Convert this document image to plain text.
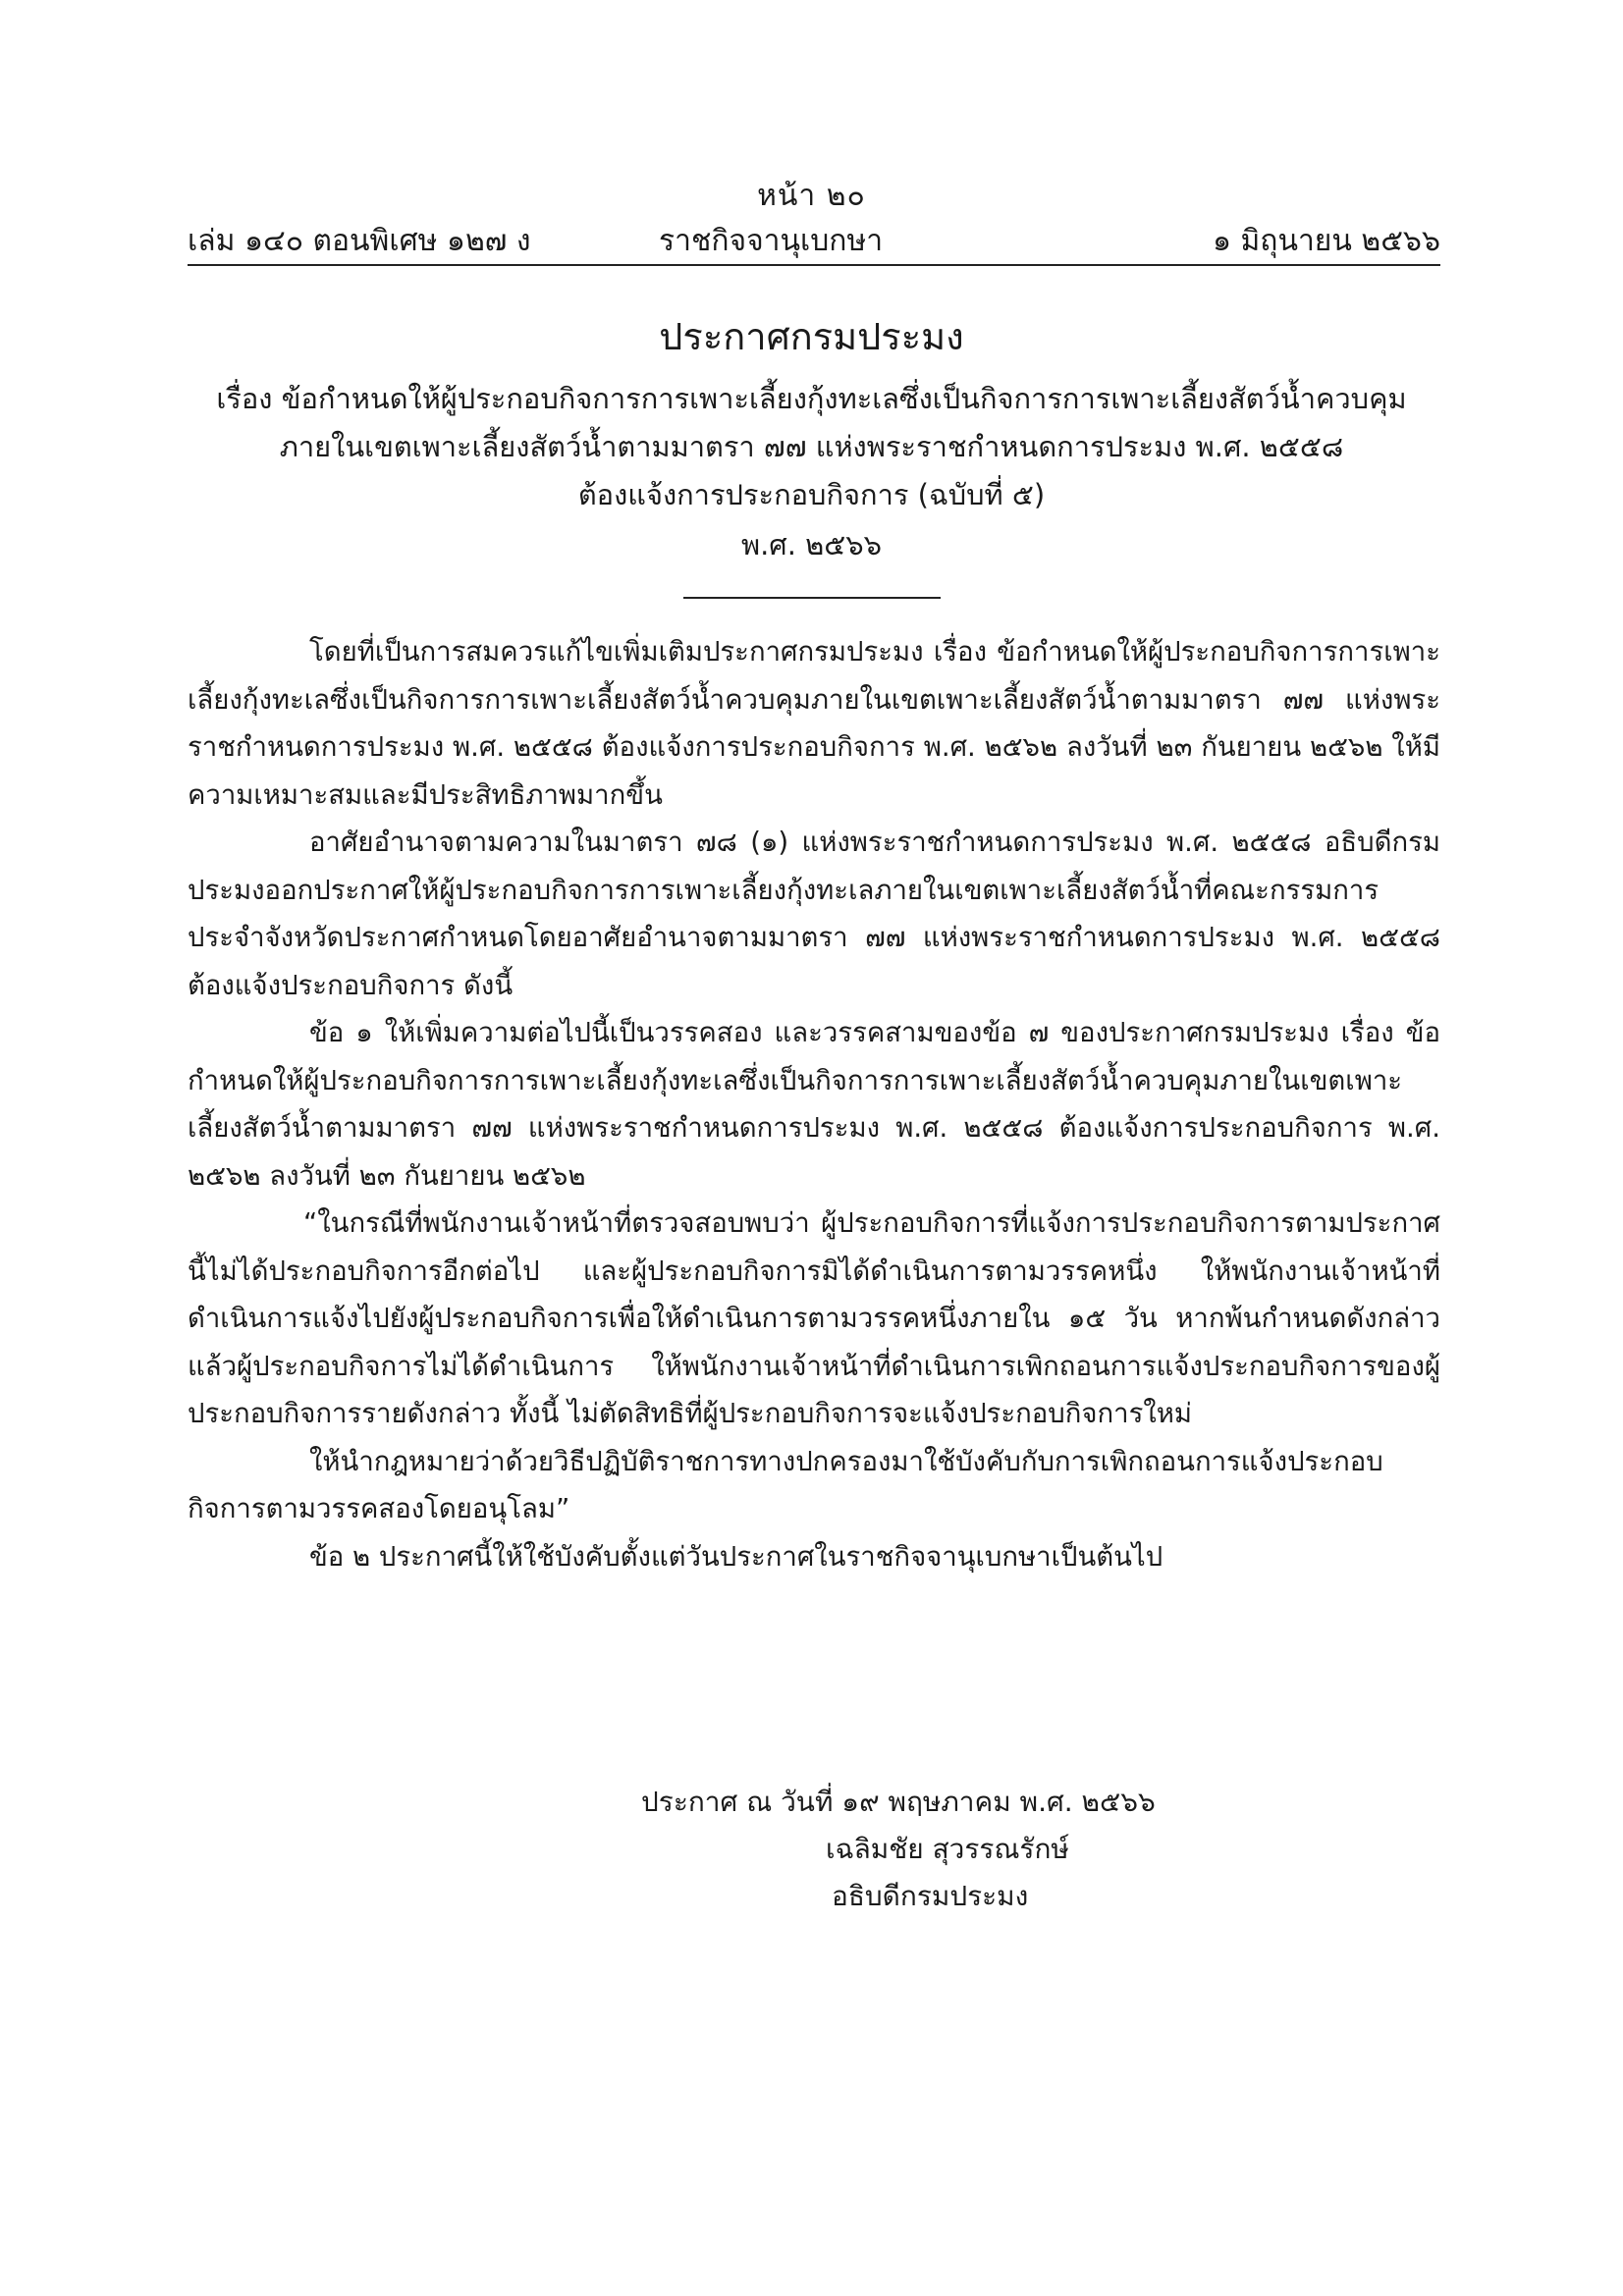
หน้า ๒๐
เล่ม ๑๔๐ ตอนพิเศษ ๑๒๗ ง	ราชกิจจานุเบกษา	๑ มิถุนายน ๒๕๖๖
ประกาศกรมประมง
เรื่อง ข้อกำหนดให้ผู้ประกอบกิจการการเพาะเลี้ยงกุ้งทะเลซึ่งเป็นกิจการการเพาะเลี้ยงสัตว์น้ำควบคุม
ภายในเขตเพาะเลี้ยงสัตว์น้ำตามมาตรา ๗๗ แห่งพระราชกำหนดการประมง พ.ศ. ๒๕๕๘
ต้องแจ้งการประกอบกิจการ (ฉบับที่ ๕)
พ.ศ. ๒๕๖๖

โดยที่เป็นการสมควรแก้ไขเพิ่มเติมประกาศกรมประมง เรื่อง ข้อกำหนดให้ผู้ประกอบกิจการการเพาะเลี้ยงกุ้งทะเลซึ่งเป็นกิจการการเพาะเลี้ยงสัตว์น้ำควบคุมภายในเขตเพาะเลี้ยงสัตว์น้ำตามมาตรา ๗๗ แห่งพระราชกำหนดการประมง พ.ศ. ๒๕๕๘ ต้องแจ้งการประกอบกิจการ พ.ศ. ๒๕๖๒ ลงวันที่ ๒๓ กันยายน ๒๕๖๒ ให้มีความเหมาะสมและมีประสิทธิภาพมากขึ้น

อาศัยอำนาจตามความในมาตรา ๗๘ (๑) แห่งพระราชกำหนดการประมง พ.ศ. ๒๕๕๘ อธิบดีกรมประมงออกประกาศให้ผู้ประกอบกิจการการเพาะเลี้ยงกุ้งทะเลภายในเขตเพาะเลี้ยงสัตว์น้ำที่คณะกรรมการประจำจังหวัดประกาศกำหนดโดยอาศัยอำนาจตามมาตรา ๗๗ แห่งพระราชกำหนดการประมง พ.ศ. ๒๕๕๘ ต้องแจ้งประกอบกิจการ ดังนี้

ข้อ ๑ ให้เพิ่มความต่อไปนี้เป็นวรรคสอง และวรรคสามของข้อ ๗ ของประกาศกรมประมง เรื่อง ข้อกำหนดให้ผู้ประกอบกิจการการเพาะเลี้ยงกุ้งทะเลซึ่งเป็นกิจการการเพาะเลี้ยงสัตว์น้ำควบคุมภายในเขตเพาะเลี้ยงสัตว์น้ำตามมาตรา ๗๗ แห่งพระราชกำหนดการประมง พ.ศ. ๒๕๕๘ ต้องแจ้งการประกอบกิจการ พ.ศ. ๒๕๖๒ ลงวันที่ ๒๓ กันยายน ๒๕๖๒

“ในกรณีที่พนักงานเจ้าหน้าที่ตรวจสอบพบว่า ผู้ประกอบกิจการที่แจ้งการประกอบกิจการตามประกาศนี้ไม่ได้ประกอบกิจการอีกต่อไป และผู้ประกอบกิจการมิได้ดำเนินการตามวรรคหนึ่ง ให้พนักงานเจ้าหน้าที่ดำเนินการแจ้งไปยังผู้ประกอบกิจการเพื่อให้ดำเนินการตามวรรคหนึ่งภายใน ๑๕ วัน หากพ้นกำหนดดังกล่าวแล้วผู้ประกอบกิจการไม่ได้ดำเนินการ ให้พนักงานเจ้าหน้าที่ดำเนินการเพิกถอนการแจ้งประกอบกิจการของผู้ประกอบกิจการรายดังกล่าว ทั้งนี้ ไม่ตัดสิทธิที่ผู้ประกอบกิจการจะแจ้งประกอบกิจการใหม่

ให้นำกฎหมายว่าด้วยวิธีปฏิบัติราชการทางปกครองมาใช้บังคับกับการเพิกถอนการแจ้งประกอบกิจการตามวรรคสองโดยอนุโลม”

ข้อ ๒ ประกาศนี้ให้ใช้บังคับตั้งแต่วันประกาศในราชกิจจานุเบกษาเป็นต้นไป

ประกาศ ณ วันที่ ๑๙ พฤษภาคม พ.ศ. ๒๕๖๖
เฉลิมชัย สุวรรณรักษ์
อธิบดีกรมประมง
